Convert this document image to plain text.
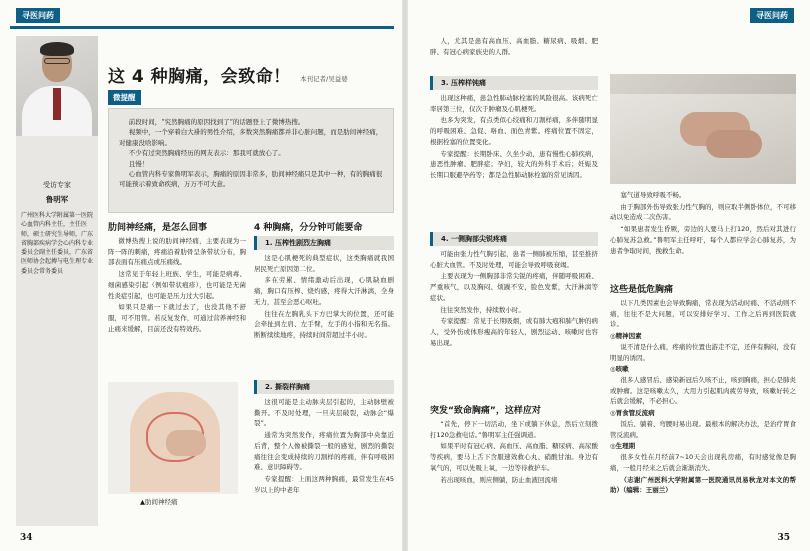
寻医问药	寻医问药
受访专家
鲁明军
广州医科大学附属第一医院心血管内科主任，主任医师，硕士研究生导师，广东省胸部疾病学会心内科专业委员会副主任委员，广东省医师协会起搏与电生理专业委员会常务委员
这 4 种胸痛，会致命！ 本刊记者/吴益婆
微提醒

前段时间，“究然胸痛的原因找到了”的话题登上了微博热搜。

视频中，一个穿着白大褂的男性介绍，多数突然胸痛都并非心脏问题，而是肋间神经痛，对健康没啥影响。

不少有过突然胸痛经历的网友表示：那我可就放心了。

且慢！

心血管内科专家鲁明军表示，胸痛的原因非常多，肋间神经痛只是其中一种，有的胸痛很可能预示着致命疾病，万万不可大意。

肋间神经痛，是怎么回事

微博热搜上说的肋间神经痛，主要表现为一阵一阵的刺痛，疼痛沿着肋骨呈条带状分布，胸部表面有压痛点或压痛线。

这常见于年轻上班族、学生，可能是病毒、细菌感染引起（例如带状疱疹），也可能是无菌性炎症引起，也可能是压力过大引起。

如果只是痛一下就过去了，也没其他不舒服，可不用管。若反复发作，可通过营养神经和止痛来缓解，目前还没有特效药。

▲肋间神经痛
4 种胸痛，分分钟可能要命
1. 压榨性剧烈左胸痛

这是心肌梗死的典型症状，这类胸痛就我国居民死亡原因第二位。

多在劳累、情绪激动后出现，心肌缺血剧痛，胸口有压榨、烧灼感，疼得大汗淋漓，全身无力，甚至会恶心呕吐。

往往在左胸乳头下方巴掌大的位置，还可能会牵扯到左肩、左手臂，左手的小指和无名指。断断续续地疼，持续时间常超过半小时。

2. 撕裂样胸痛

这很可能是主动脉夹层引起的，主动脉壁被撕开。不及时处理，一旦夹层破裂，动脉会“爆裂”。

通常为突然发作，疼痛位置为胸部中央靠近后背，整个人像被撕裂一般的感觉，剧烈的撕裂痛往往会变成持续的刀割样的疼痛，伴有呼吸困难、意识障碍等。

专家提醒：上面这两种胸痛，最常发生在45岁以上的中老年

人，尤其是患有高血压、高血脂、糖尿病、吸烟、肥胖、有冠心病家族史的人群。

3. 压榨样钝痛

出现这种痛，患急性肺动脉栓塞的风险很高。该病死亡率居第三位，仅次于肿瘤及心肌梗死。

也多为突发，有点类似心绞痛和刀割样痛，多伴随明显的呼吸困难、急促、咯血、面色青紫。疼痛位置不固定，根据栓塞的位置变化。

专家提醒：长期卧床、久坐少动，患有慢性心肺疾病，患恶性肿瘤、肥胖症；孕妇，较大的外科手术后；妊娠及长期口服避孕药等；都是急性肺动脉栓塞的常见诱因。

4. 一侧胸部尖锐疼痛

可能由张力性气胸引起，患者一侧肺被压缩，甚至推挤心脏大血管。不及时处理，可能会导致呼吸衰竭。

主要表现为一侧胸部非常尖锐的疼痛，伴随呼吸困难、严重咳气，以及胸闷、烦躁不安，脸色发紫，大汗淋漓等症状。

往往突然发作，持续数小时。

专家提醒：常见于长期吸烟，或有肺大疱和肺气肿的病人，受外伤或体形瘦高的年轻人，剧烈运动、咳嗽时也容易出现。

突发“致命胸痛”，这样应对

“首先，停下一切活动，坐下或躺下休息，然后立刻拨打120急救电话。”鲁明军主任强调道。

如果平时有冠心病、高血压、高血脂、糖尿病、高尿酸等疾病，要马上舌下含服速效救心丸、硝酸甘油。身边有氧气的，可以先吸上氧，一边等待救护车。

若出现咳血，则应侧躺，防止血液回流堵

塞气道导致呼吸不畅。

由于胸部外伤导致张力性气胸的，则应取半侧卧体位，不可移动以免造成二次伤害。

“如果患者发生昏厥，旁边的人要马上打120，然后对其进行心肺复苏急救。”鲁明军主任呼吁，每个人都应学会心肺复苏，为患者争取时间，挽救生命。

这些是低危胸痛

以下几类因素也会导致胸痛，常表现为活动时痛、不活动则不痛，往往不是大问题，可以安排好学习、工作之后再到医院就诊。

◎精神因素

说不清是什么痛，疼痛的位置也游走不定，还伴有胸闷，没有明显的诱因。

◎咳嗽

很多人感冒后、感染新冠后久咳不止，咳到胸痛，担心是肺炎或肿瘤。这是咳嗽太久，大用力引起肌肉疲劳导致，咳嗽好转之后就会缓解，不必担心。

◎胃食管反流病

饭后、躺着、弯腰时易出现。最根本的解决办法，是治疗胃食管反流病。

◎生理期

很多女性在月经前7~10天会出现乳房痛，有时感觉像是胸痛，一般月经来之后就会渐渐消失。

（志谢广州医科大学附属第一医院通讯员易秋龙对本文的帮助）（编辑：王丽兰）

34	35
